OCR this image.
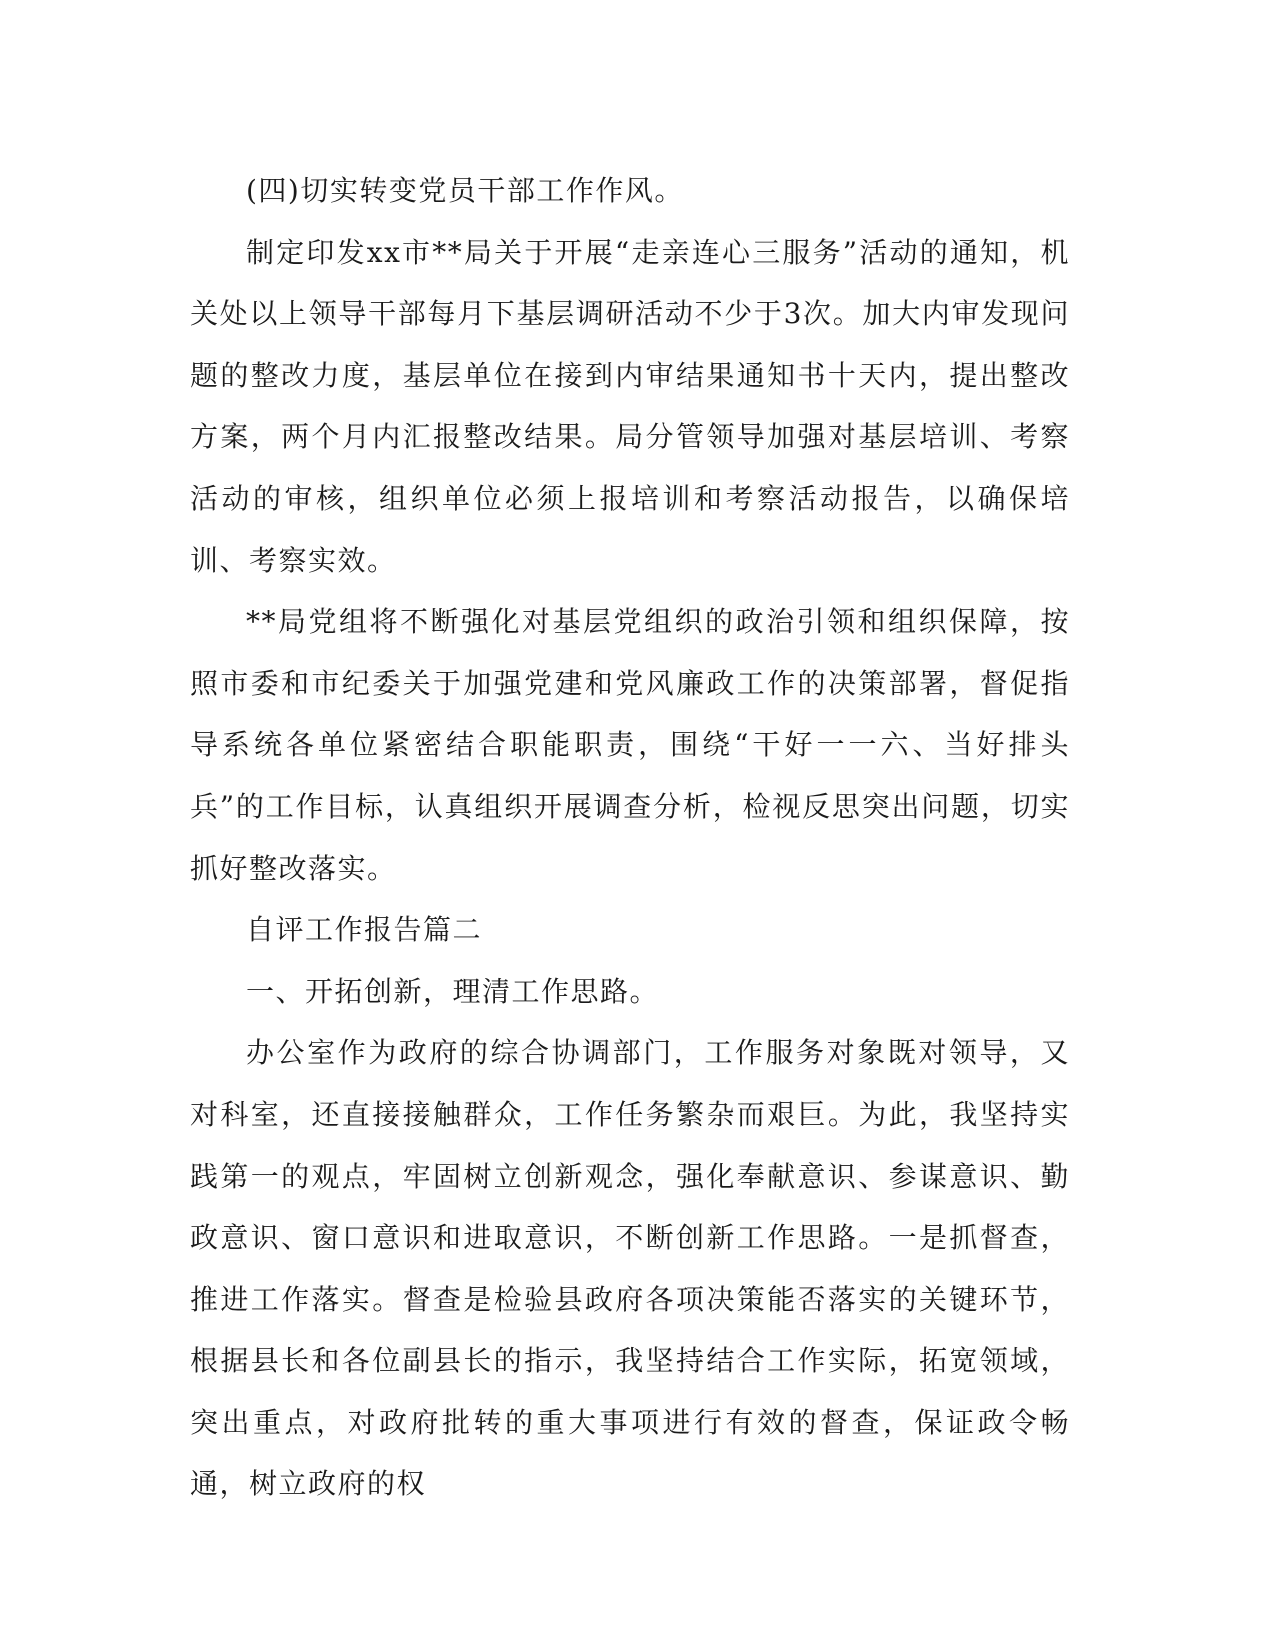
(四)切实转变党员干部工作作风。

制定印发xx市**局关于开展“走亲连心三服务”活动的通知，机关处以上领导干部每月下基层调研活动不少于3次。加大内审发现问题的整改力度，基层单位在接到内审结果通知书十天内，提出整改方案，两个月内汇报整改结果。局分管领导加强对基层培训、考察活动的审核，组织单位必须上报培训和考察活动报告，以确保培训、考察实效。

**局党组将不断强化对基层党组织的政治引领和组织保障，按照市委和市纪委关于加强党建和党风廉政工作的决策部署，督促指导系统各单位紧密结合职能职责，围绕“干好一一六、当好排头兵”的工作目标，认真组织开展调查分析，检视反思突出问题，切实抓好整改落实。

自评工作报告篇二

一、开拓创新，理清工作思路。

办公室作为政府的综合协调部门，工作服务对象既对领导，又对科室，还直接接触群众，工作任务繁杂而艰巨。为此，我坚持实践第一的观点，牢固树立创新观念，强化奉献意识、参谋意识、勤政意识、窗口意识和进取意识，不断创新工作思路。一是抓督查，推进工作落实。督查是检验县政府各项决策能否落实的关键环节，根据县长和各位副县长的指示，我坚持结合工作实际，拓宽领域，突出重点，对政府批转的重大事项进行有效的督查，保证政令畅通，树立政府的权
